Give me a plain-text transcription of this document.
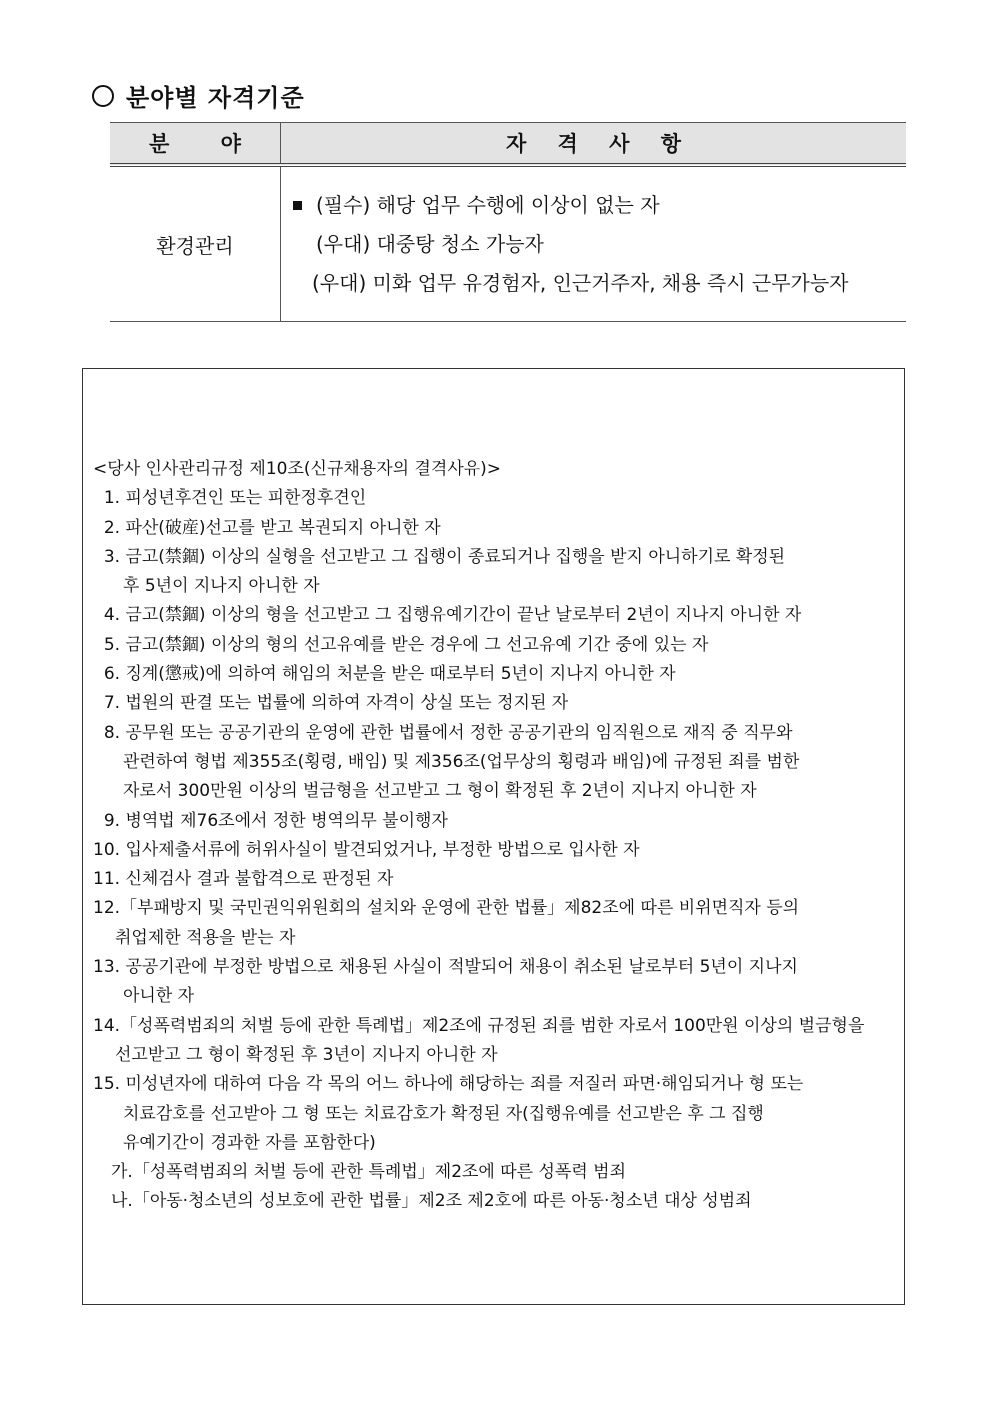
분야별 자격기준
분 야	자 격 사 항
환경관리	(필수) 해당 업무 수행에 이상이 없는 자
(우대) 대중탕 청소 가능자
(우대) 미화 업무 유경험자, 인근거주자, 채용 즉시 근무가능자
<당사 인사관리규정 제10조(신규채용자의 결격사유)>
1. 피성년후견인 또는 피한정후견인
2. 파산(破産)선고를 받고 복권되지 아니한 자
3. 금고(禁錮) 이상의 실형을 선고받고 그 집행이 종료되거나 집행을 받지 아니하기로 확정된
후 5년이 지나지 아니한 자
4. 금고(禁錮) 이상의 형을 선고받고 그 집행유예기간이 끝난 날로부터 2년이 지나지 아니한 자
5. 금고(禁錮) 이상의 형의 선고유예를 받은 경우에 그 선고유예 기간 중에 있는 자
6. 징계(懲戒)에 의하여 해임의 처분을 받은 때로부터 5년이 지나지 아니한 자
7. 법원의 판결 또는 법률에 의하여 자격이 상실 또는 정지된 자
8. 공무원 또는 공공기관의 운영에 관한 법률에서 정한 공공기관의 임직원으로 재직 중 직무와
관련하여 형법 제355조(횡령, 배임) 및 제356조(업무상의 횡령과 배임)에 규정된 죄를 범한
자로서 300만원 이상의 벌금형을 선고받고 그 형이 확정된 후 2년이 지나지 아니한 자
9. 병역법 제76조에서 정한 병역의무 불이행자
10. 입사제출서류에 허위사실이 발견되었거나, 부정한 방법으로 입사한 자
11. 신체검사 결과 불합격으로 판정된 자
12.「부패방지 및 국민권익위원회의 설치와 운영에 관한 법률」제82조에 따른 비위면직자 등의
취업제한 적용을 받는 자
13. 공공기관에 부정한 방법으로 채용된 사실이 적발되어 채용이 취소된 날로부터 5년이 지나지
아니한 자
14.「성폭력범죄의 처벌 등에 관한 특례법」제2조에 규정된 죄를 범한 자로서 100만원 이상의 벌금형을
선고받고 그 형이 확정된 후 3년이 지나지 아니한 자
15. 미성년자에 대하여 다음 각 목의 어느 하나에 해당하는 죄를 저질러 파면·해임되거나 형 또는
치료감호를 선고받아 그 형 또는 치료감호가 확정된 자(집행유예를 선고받은 후 그 집행
유예기간이 경과한 자를 포함한다)
가.「성폭력범죄의 처벌 등에 관한 특례법」제2조에 따른 성폭력 범죄
나.「아동·청소년의 성보호에 관한 법률」제2조 제2호에 따른 아동·청소년 대상 성범죄
